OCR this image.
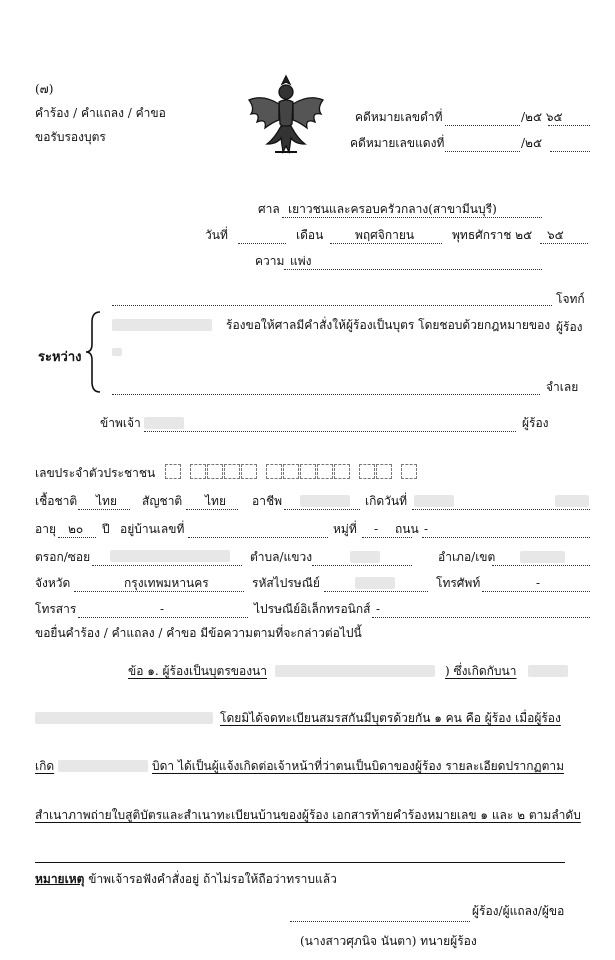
(๗)
คำร้อง / คำแถลง / คำขอ
ขอรับรองบุตร
คดีหมายเลขดำที่	/๒๕ ๖๕
คดีหมายเลขแดงที่	/๒๕
ศาล เยาวชนและครอบครัวกลาง(สาขามีนบุรี)
วันที่	เดือน	พฤศจิกายน	พุทธศักราช ๒๕ ๖๕
ความ แพ่ง
โจทก์
ระหว่าง
ร้องขอให้ศาลมีคำสั่งให้ผู้ร้องเป็นบุตร โดยชอบด้วยกฎหมายของ ผู้ร้อง
จำเลย
ข้าพเจ้า	ผู้ร้อง
เลขประจำตัวประชาชน
เชื้อชาติ ไทย สัญชาติ ไทย อาชีพ	เกิดวันที่
อายุ ๒๐ ปี อยู่บ้านเลขที่	หมู่ที่ - ถนน -
ตรอก/ซอย	ตำบล/แขวง	อำเภอ/เขต
จังหวัด	กรุงเทพมหานคร	รหัสไปรษณีย์	โทรศัพท์	-
โทรสาร	-	ไปรษณีย์อิเล็กทรอนิกส์ -
ขอยื่นคำร้อง / คำแถลง / คำขอ มีข้อความตามที่จะกล่าวต่อไปนี้
ข้อ ๑. ผู้ร้องเป็นบุตรของนา	) ซึ่งเกิดกับนา
โดยมิได้จดทะเบียนสมรสกันมีบุตรด้วยกัน ๑ คน คือ ผู้ร้อง เมื่อผู้ร้อง
เกิด	บิดา ได้เป็นผู้แจ้งเกิดต่อเจ้าหน้าที่ว่าตนเป็นบิดาของผู้ร้อง รายละเอียดปรากฏตาม
สำเนาภาพถ่ายใบสูติบัตรและสำเนาทะเบียนบ้านของผู้ร้อง เอกสารท้ายคำร้องหมายเลข ๑ และ ๒ ตามลำดับ
หมายเหตุ ข้าพเจ้ารอฟังคำสั่งอยู่ ถ้าไม่รอให้ถือว่าทราบแล้ว
ผู้ร้อง/ผู้แถลง/ผู้ขอ
(นางสาวศุภนิจ นันตา) ทนายผู้ร้อง
